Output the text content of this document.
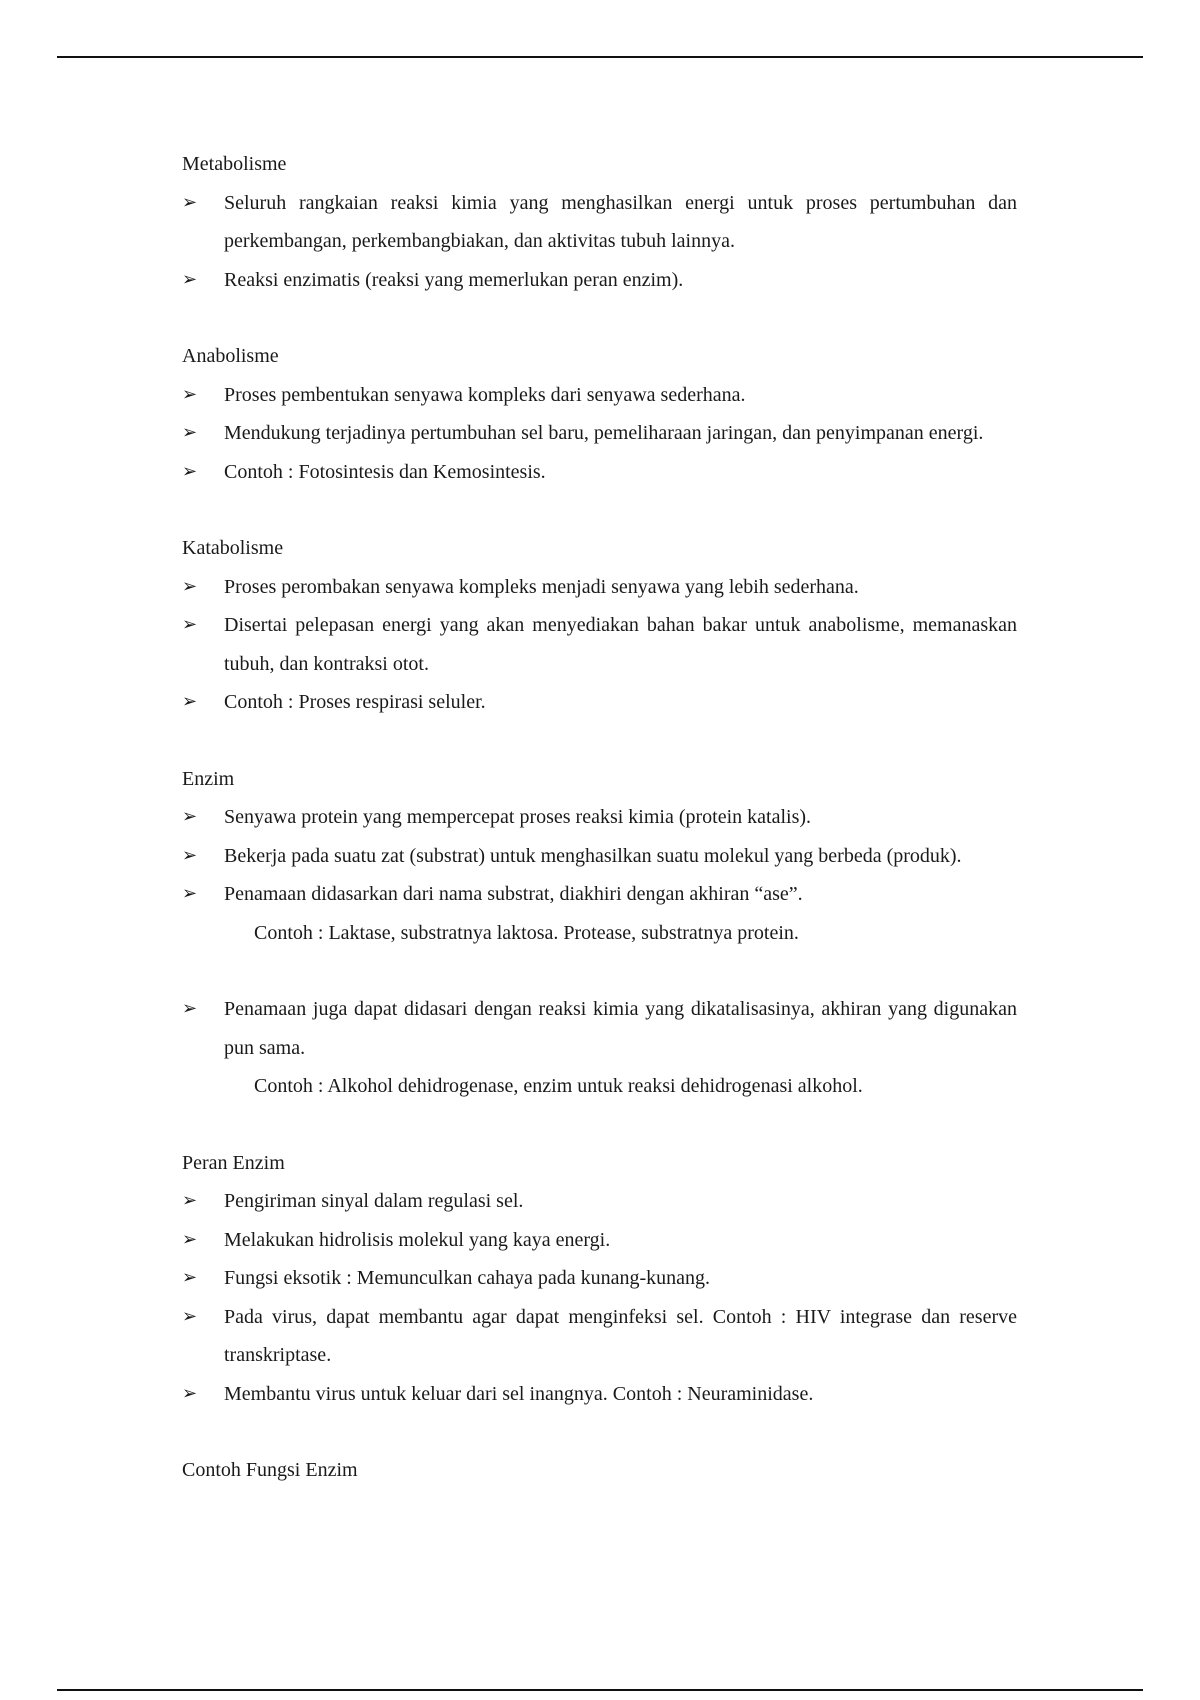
Metabolisme
➢ Seluruh rangkaian reaksi kimia yang menghasilkan energi untuk proses pertumbuhan dan perkembangan, perkembangbiakan, dan aktivitas tubuh lainnya.
➢ Reaksi enzimatis (reaksi yang memerlukan peran enzim).
Anabolisme
➢ Proses pembentukan senyawa kompleks dari senyawa sederhana.
➢ Mendukung terjadinya pertumbuhan sel baru, pemeliharaan jaringan, dan penyimpanan energi.
➢ Contoh : Fotosintesis dan Kemosintesis.
Katabolisme
➢ Proses perombakan senyawa kompleks menjadi senyawa yang lebih sederhana.
➢ Disertai pelepasan energi yang akan menyediakan bahan bakar untuk anabolisme, memanaskan tubuh, dan kontraksi otot.
➢ Contoh : Proses respirasi seluler.
Enzim
➢ Senyawa protein yang mempercepat proses reaksi kimia (protein katalis).
➢ Bekerja pada suatu zat (substrat) untuk menghasilkan suatu molekul yang berbeda (produk).
➢ Penamaan didasarkan dari nama substrat, diakhiri dengan akhiran “ase”.
Contoh : Laktase, substratnya laktosa. Protease, substratnya protein.
➢ Penamaan juga dapat didasari dengan reaksi kimia yang dikatalisasinya, akhiran yang digunakan pun sama.
Contoh : Alkohol dehidrogenase, enzim untuk reaksi dehidrogenasi alkohol.
Peran Enzim
➢ Pengiriman sinyal dalam regulasi sel.
➢ Melakukan hidrolisis molekul yang kaya energi.
➢ Fungsi eksotik : Memunculkan cahaya pada kunang-kunang.
➢ Pada virus, dapat membantu agar dapat menginfeksi sel. Contoh : HIV integrase dan reserve transkriptase.
➢ Membantu virus untuk keluar dari sel inangnya. Contoh : Neuraminidase.
Contoh Fungsi Enzim
